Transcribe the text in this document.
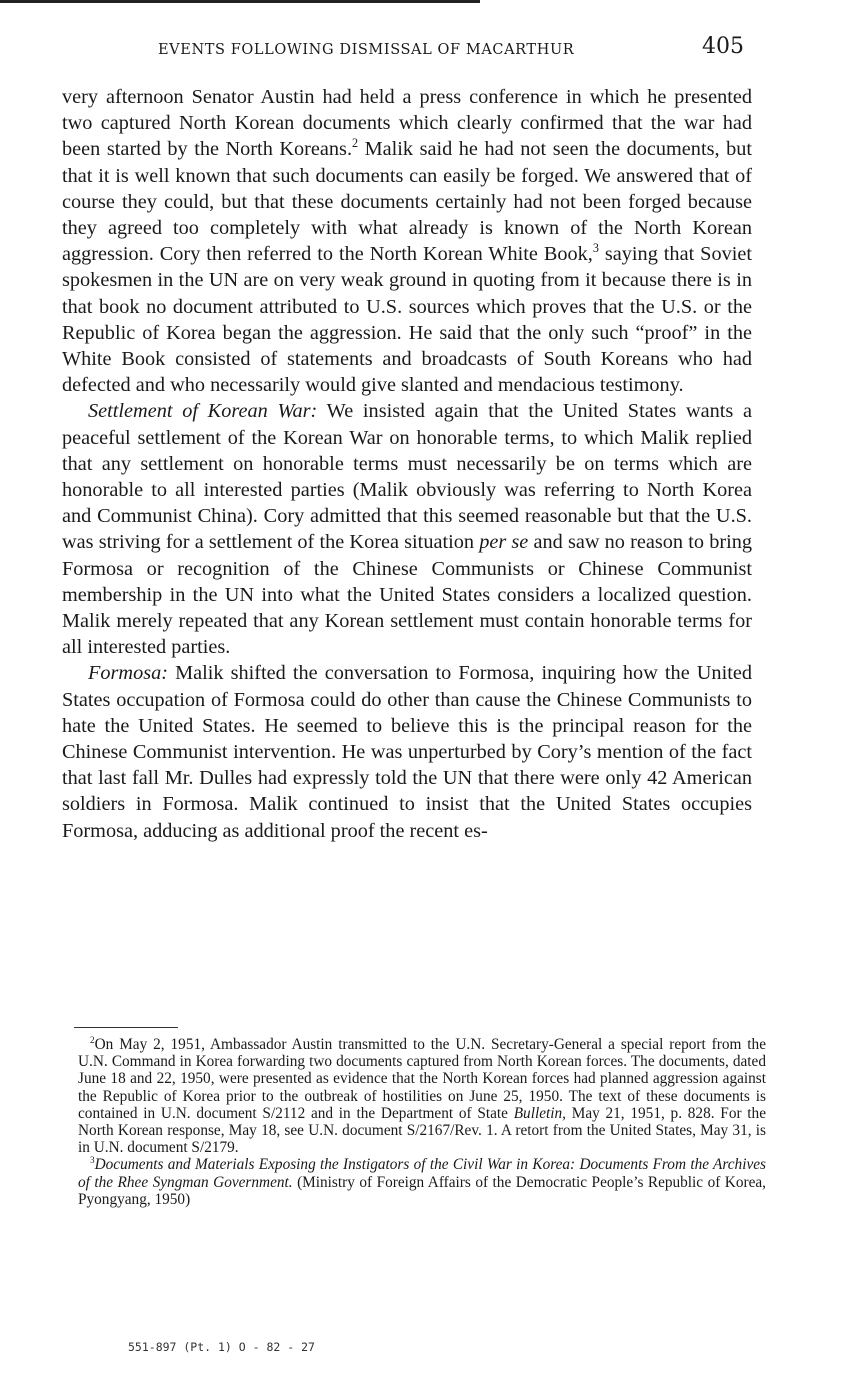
EVENTS FOLLOWING DISMISSAL OF MACARTHUR	405

very afternoon Senator Austin had held a press conference in which he presented two captured North Korean documents which clearly confirmed that the war had been started by the North Koreans.$^2$ Malik said he had not seen the documents, but that it is well known that such documents can easily be forged. We answered that of course they could, but that these documents certainly had not been forged because they agreed too completely with what already is known of the North Korean aggression. Cory then referred to the North Korean White Book,$^3$ saying that Soviet spokesmen in the UN are on very weak ground in quoting from it because there is in that book no document attributed to U.S. sources which proves that the U.S. or the Republic of Korea began the aggression. He said that the only such “proof” in the White Book consisted of statements and broadcasts of South Koreans who had defected and who necessarily would give slanted and mendacious testimony.

Settlement of Korean War: We insisted again that the United States wants a peaceful settlement of the Korean War on honorable terms, to which Malik replied that any settlement on honorable terms must necessarily be on terms which are honorable to all interested parties (Malik obviously was referring to North Korea and Communist China). Cory admitted that this seemed reasonable but that the U.S. was striving for a settlement of the Korea situation per se and saw no reason to bring Formosa or recognition of the Chinese Communists or Chinese Communist membership in the UN into what the United States considers a localized question. Malik merely repeated that any Korean settlement must contain honorable terms for all interested parties.

Formosa: Malik shifted the conversation to Formosa, inquiring how the United States occupation of Formosa could do other than cause the Chinese Communists to hate the United States. He seemed to believe this is the principal reason for the Chinese Communist intervention. He was unperturbed by Cory’s mention of the fact that last fall Mr. Dulles had expressly told the UN that there were only 42 American soldiers in Formosa. Malik continued to insist that the United States occupies Formosa, adducing as additional proof the recent es-

$^2$On May 2, 1951, Ambassador Austin transmitted to the U.N. Secretary-General a special report from the U.N. Command in Korea forwarding two documents captured from North Korean forces. The documents, dated June 18 and 22, 1950, were presented as evidence that the North Korean forces had planned aggression against the Republic of Korea prior to the outbreak of hostilities on June 25, 1950. The text of these documents is contained in U.N. document S/2112 and in the Department of State Bulletin, May 21, 1951, p. 828. For the North Korean response, May 18, see U.N. document S/2167/Rev. 1. A retort from the United States, May 31, is in U.N. document S/2179.

$^3$Documents and Materials Exposing the Instigators of the Civil War in Korea: Documents From the Archives of the Rhee Syngman Government. (Ministry of Foreign Affairs of the Democratic People’s Republic of Korea, Pyongyang, 1950)

551-897 (Pt. 1) O - 82 - 27
